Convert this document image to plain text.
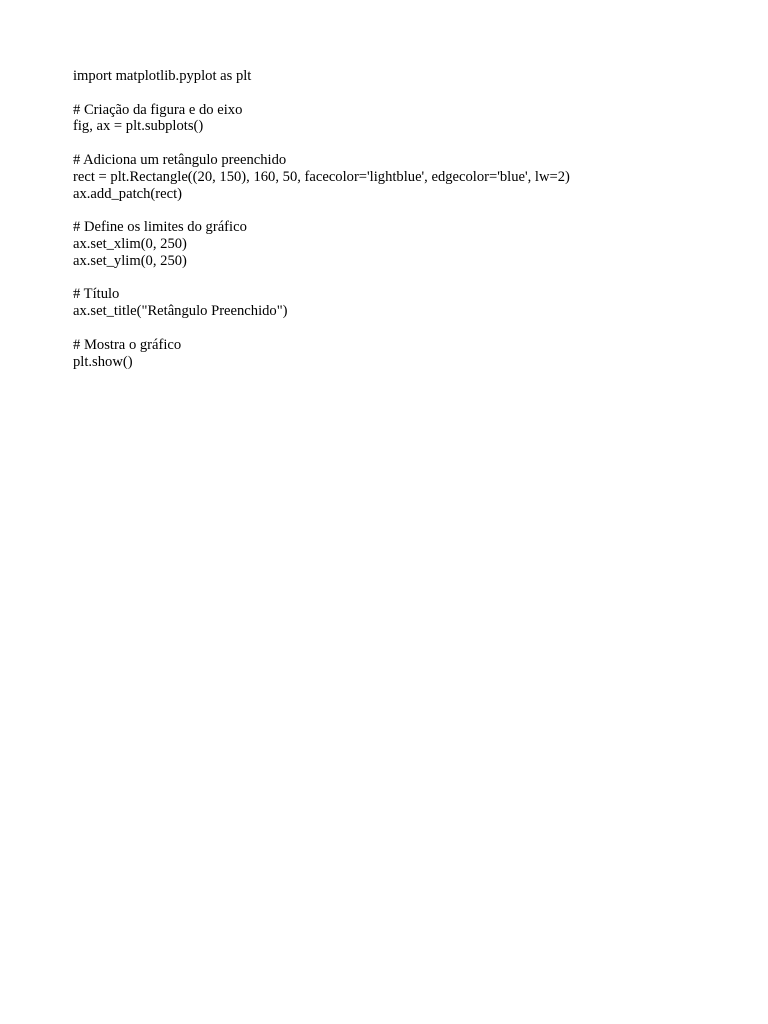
import matplotlib.pyplot as plt
# Criação da figura e do eixo
fig, ax = plt.subplots()
# Adiciona um retângulo preenchido
rect = plt.Rectangle((20, 150), 160, 50, facecolor='lightblue', edgecolor='blue', lw=2)
ax.add_patch(rect)
# Define os limites do gráfico
ax.set_xlim(0, 250)
ax.set_ylim(0, 250)
# Título
ax.set_title("Retângulo Preenchido")
# Mostra o gráfico
plt.show()
